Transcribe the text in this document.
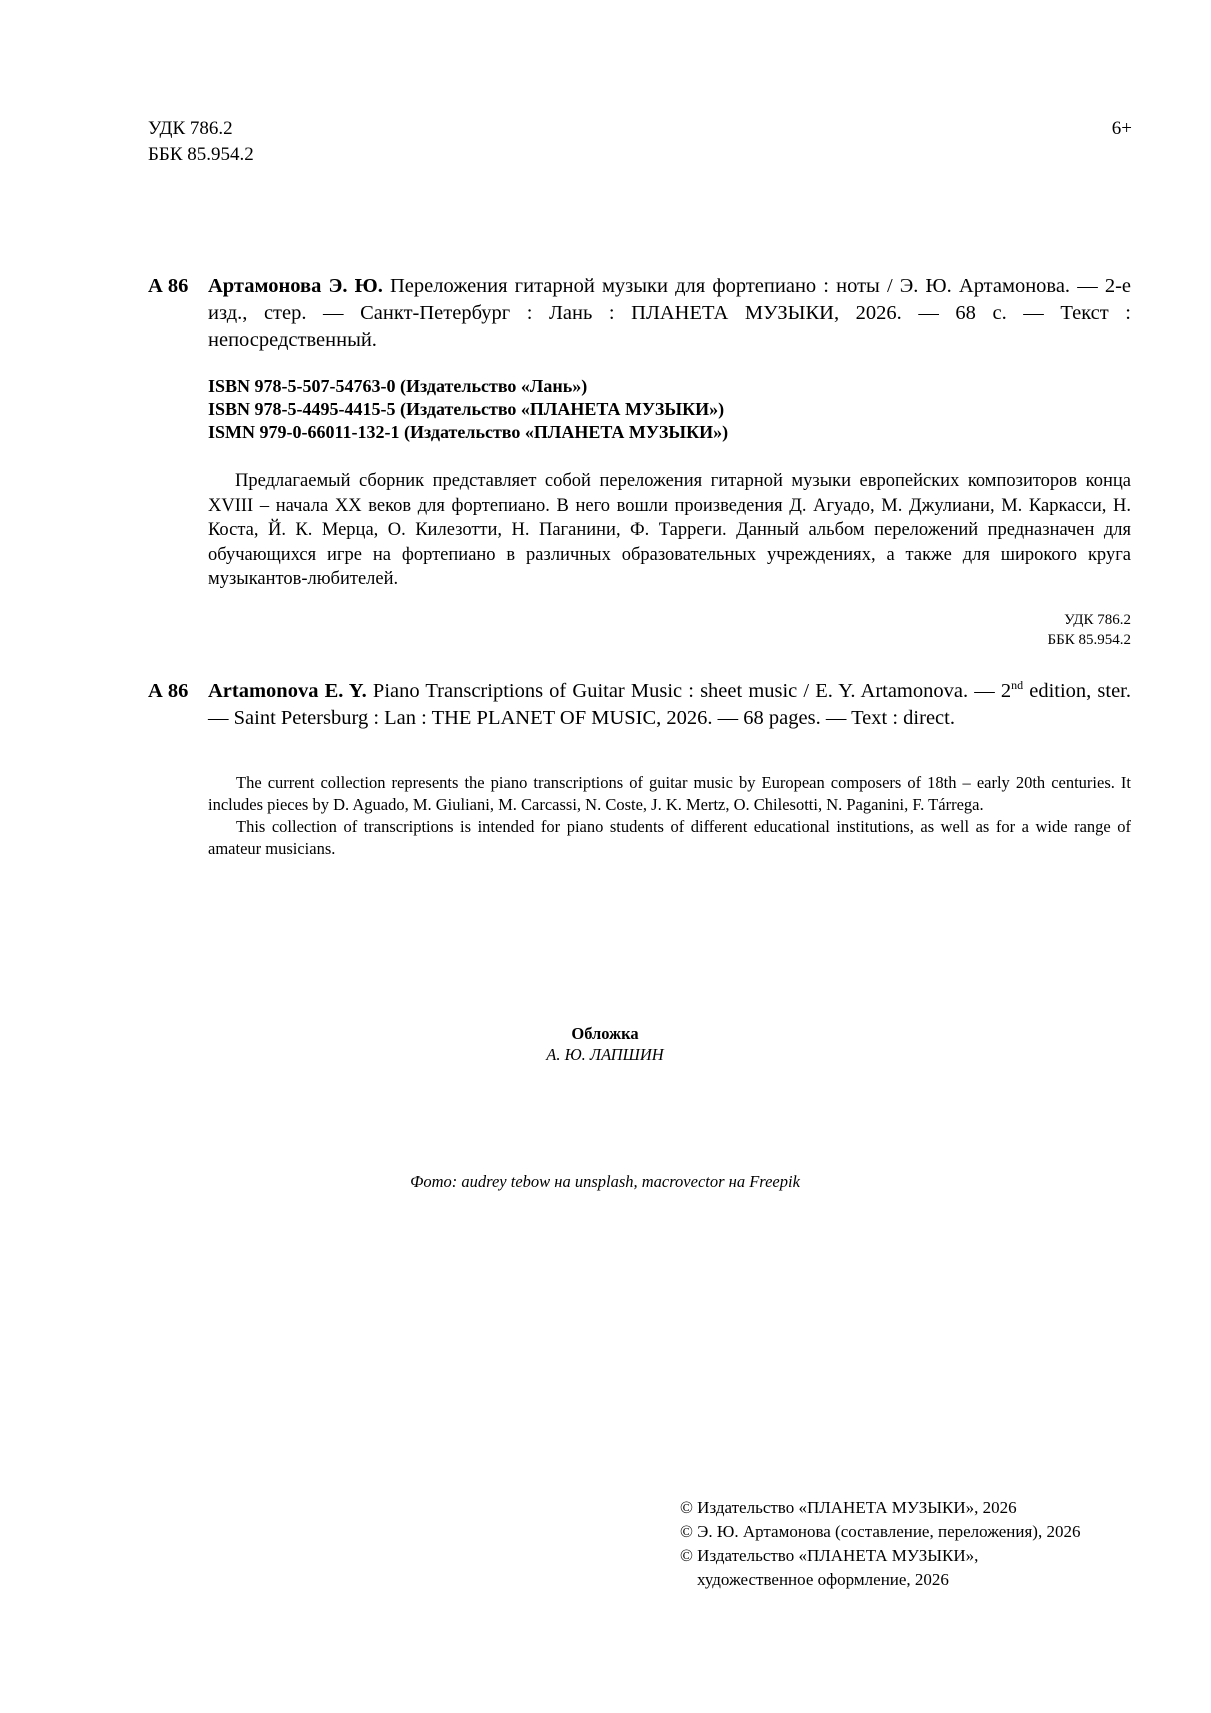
УДК 786.2
ББК 85.954.2
6+
А 86 Артамонова Э. Ю. Переложения гитарной музыки для фортепиано : ноты / Э. Ю. Артамонова. — 2-е изд., стер. — Санкт-Петербург : Лань : ПЛАНЕТА МУЗЫКИ, 2026. — 68 с. — Текст : непосредственный.
ISBN 978-5-507-54763-0 (Издательство «Лань»)
ISBN 978-5-4495-4415-5 (Издательство «ПЛАНЕТА МУЗЫКИ»)
ISMN 979-0-66011-132-1 (Издательство «ПЛАНЕТА МУЗЫКИ»)
Предлагаемый сборник представляет собой переложения гитарной музыки европейских композиторов конца XVIII – начала XX веков для фортепиано. В него вошли произведения Д. Агуадо, М. Джулиани, М. Каркасси, Н. Коста, Й. К. Мерца, О. Килезотти, Н. Паганини, Ф. Тарреги. Данный альбом переложений предназначен для обучающихся игре на фортепиано в различных образовательных учреждениях, а также для широкого круга музыкантов-любителей.
УДК 786.2
ББК 85.954.2
А 86 Artamonova E. Y. Piano Transcriptions of Guitar Music : sheet music / E. Y. Artamonova. — 2nd edition, ster. — Saint Petersburg : Lan : THE PLANET OF MUSIC, 2026. — 68 pages. — Text : direct.

The current collection represents the piano transcriptions of guitar music by European composers of 18th – early 20th centuries. It includes pieces by D. Aguado, M. Giuliani, M. Carcassi, N. Coste, J. K. Mertz, O. Chilesotti, N. Paganini, F. Tárrega.

This collection of transcriptions is intended for piano students of different educational institutions, as well as for a wide range of amateur musicians.

Обложка
А. Ю. ЛАПШИН
Фото: audrey tebow на unsplash, macrovector на Freepik
© Издательство «ПЛАНЕТА МУЗЫКИ», 2026
© Э. Ю. Артамонова (составление, переложения), 2026
© Издательство «ПЛАНЕТА МУЗЫКИ»,
художественное оформление, 2026
